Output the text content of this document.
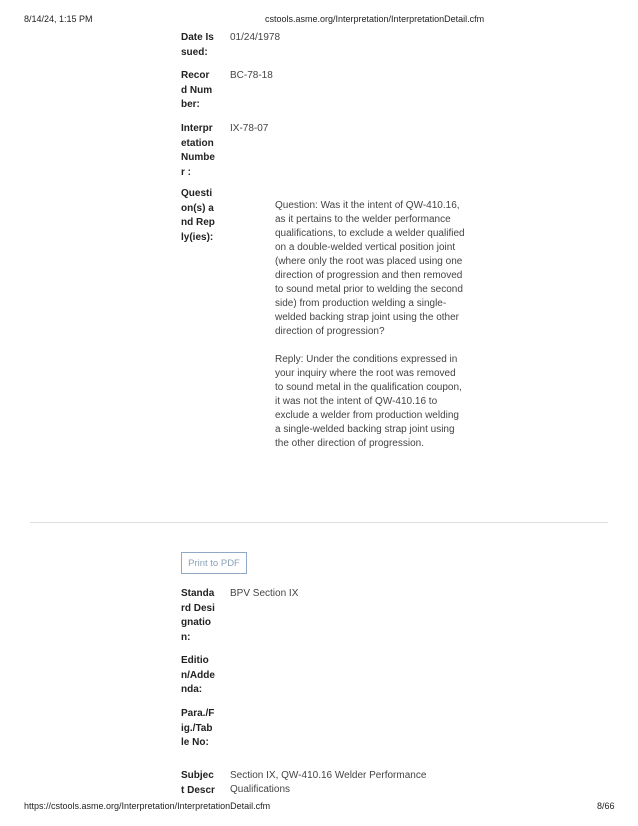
8/14/24, 1:15 PM	cstools.asme.org/Interpretation/InterpretationDetail.cfm
Date Issued:
01/24/1978
Record Number:
BC-78-18
Interpretation Number :
IX-78-07
Question(s) and Reply(ies):

Question: Was it the intent of QW-410.16, as it pertains to the welder performance qualifications, to exclude a welder qualified on a double-welded vertical position joint (where only the root was placed using one direction of progression and then removed to sound metal prior to welding the second side) from production welding a single-welded backing strap joint using the other direction of progression?

Reply: Under the conditions expressed in your inquiry where the root was removed to sound metal in the qualification coupon, it was not the intent of QW-410.16 to exclude a welder from production welding a single-welded backing strap joint using the other direction of progression.

Print to PDF
Standard Designation:
BPV Section IX
Edition/Addenda:
Para./Fig./Table No:
Subject Descr
Section IX, QW-410.16 Welder Performance Qualifications
https://cstools.asme.org/Interpretation/InterpretationDetail.cfm	8/66
